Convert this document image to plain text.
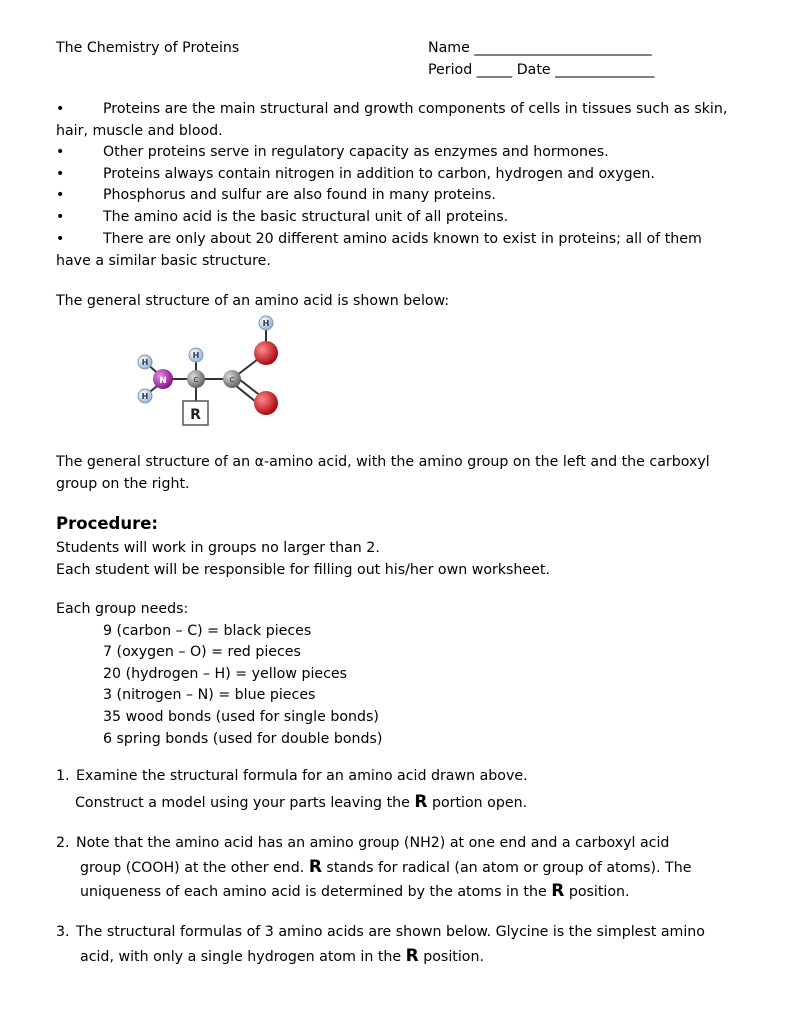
The Chemistry of Proteins	Name _________________________
Period _____ Date ______________
•	Proteins are the main structural and growth components of cells in tissues such as skin,
hair, muscle and blood.
•	Other proteins serve in regulatory capacity as enzymes and hormones.
•	Proteins always contain nitrogen in addition to carbon, hydrogen and oxygen.
•	Phosphorus and sulfur are also found in many proteins.
•	The amino acid is the basic structural unit of all proteins.
•	There are only about 20 different amino acids known to exist in proteins; all of them
have a similar basic structure.
The general structure of an amino acid is shown below:
H
H
N
H
C	C
R
H
The general structure of an α-amino acid, with the amino group on the left and the carboxyl
group on the right.
Procedure:
Students will work in groups no larger than 2.
Each student will be responsible for filling out his/her own worksheet.
Each group needs:
9 (carbon – C) = black pieces
7 (oxygen – O) = red pieces
20 (hydrogen – H) = yellow pieces
3 (nitrogen – N) = blue pieces
35 wood bonds (used for single bonds)
6 spring bonds (used for double bonds)
1. Examine the structural formula for an amino acid drawn above.
Construct a model using your parts leaving the R portion open.
2. Note that the amino acid has an amino group (NH2) at one end and a carboxyl acid
group (COOH) at the other end. R stands for radical (an atom or group of atoms). The
uniqueness of each amino acid is determined by the atoms in the R position.
3. The structural formulas of 3 amino acids are shown below. Glycine is the simplest amino
acid, with only a single hydrogen atom in the R position.
